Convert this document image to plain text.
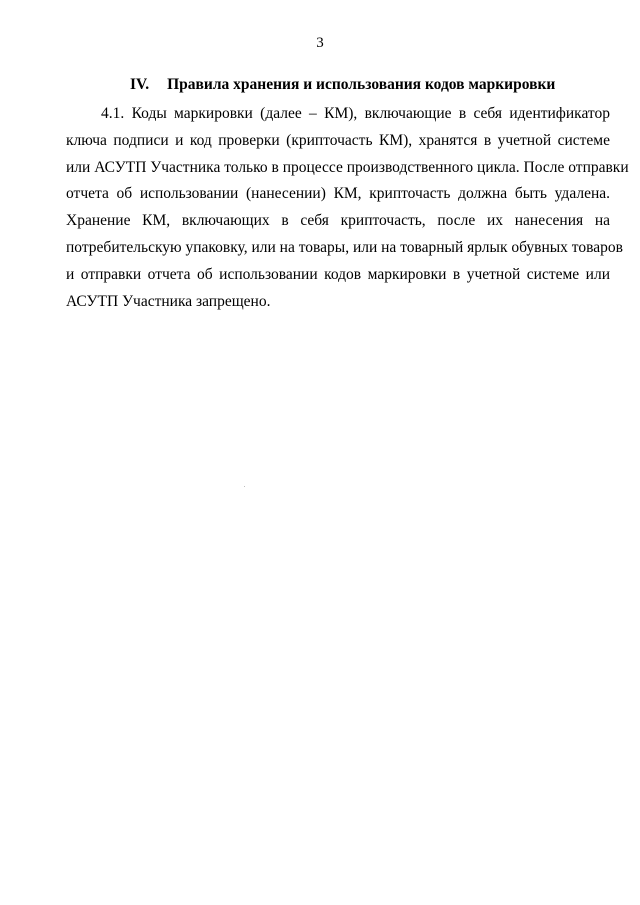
3
IV. Правила хранения и использования кодов маркировки
4.1. Коды маркировки (далее – КМ), включающие в себя идентификатор
ключа подписи и код проверки (крипточасть КМ), хранятся в учетной системе
или АСУТП Участника только в процессе производственного цикла. После отправки
отчета об использовании (нанесении) КМ, крипточасть должна быть удалена.
Хранение КМ, включающих в себя крипточасть, после их нанесения на
потребительскую упаковку, или на товары, или на товарный ярлык обувных товаров
и отправки отчета об использовании кодов маркировки в учетной системе или
АСУТП Участника запрещено.
